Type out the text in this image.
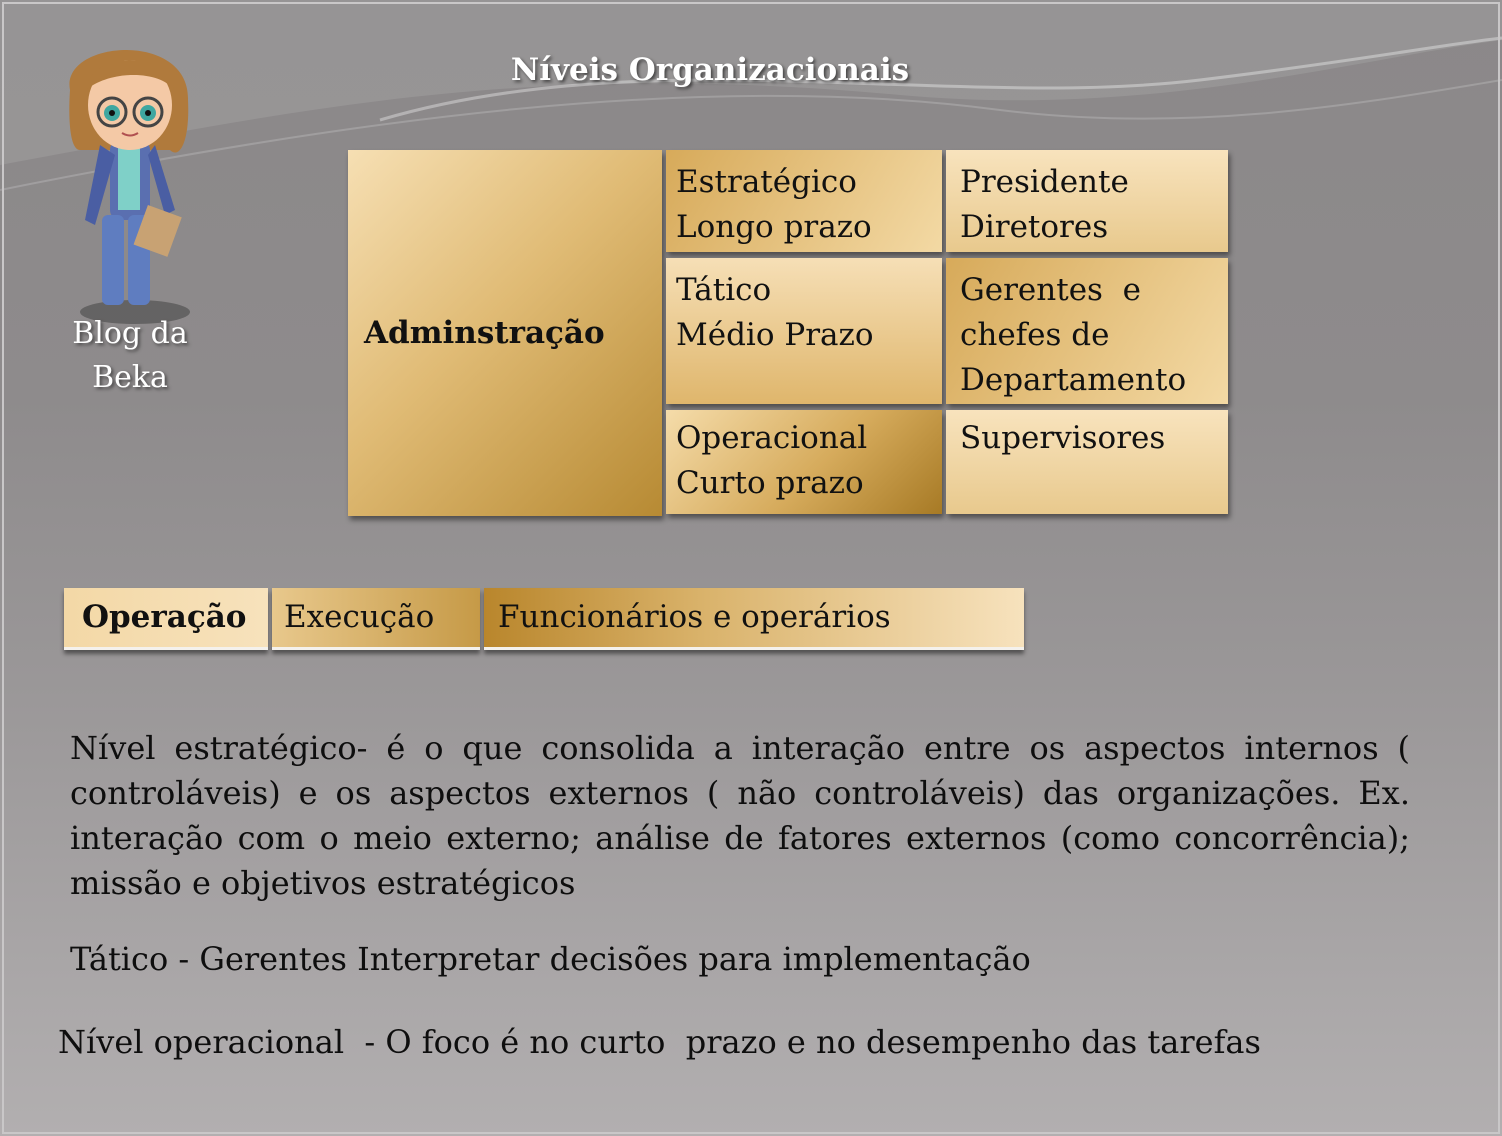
Níveis Organizacionais
Blog da
Beka
Adminstração
Estratégico
Longo prazo
Presidente
Diretores
Tático
Médio Prazo
Gerentes  e
chefes de
Departamento
Operacional
Curto prazo
Supervisores
Operação	Execução	Funcionários e operários
Nível estratégico- é o que consolida a interação entre os aspectos internos ( controláveis) e os aspectos externos ( não controláveis) das organizações. Ex. interação com o meio externo; análise de fatores externos (como concorrência); missão e objetivos estratégicos
Tático - Gerentes Interpretar decisões para implementação
Nível operacional  - O foco é no curto  prazo e no desempenho das tarefas
